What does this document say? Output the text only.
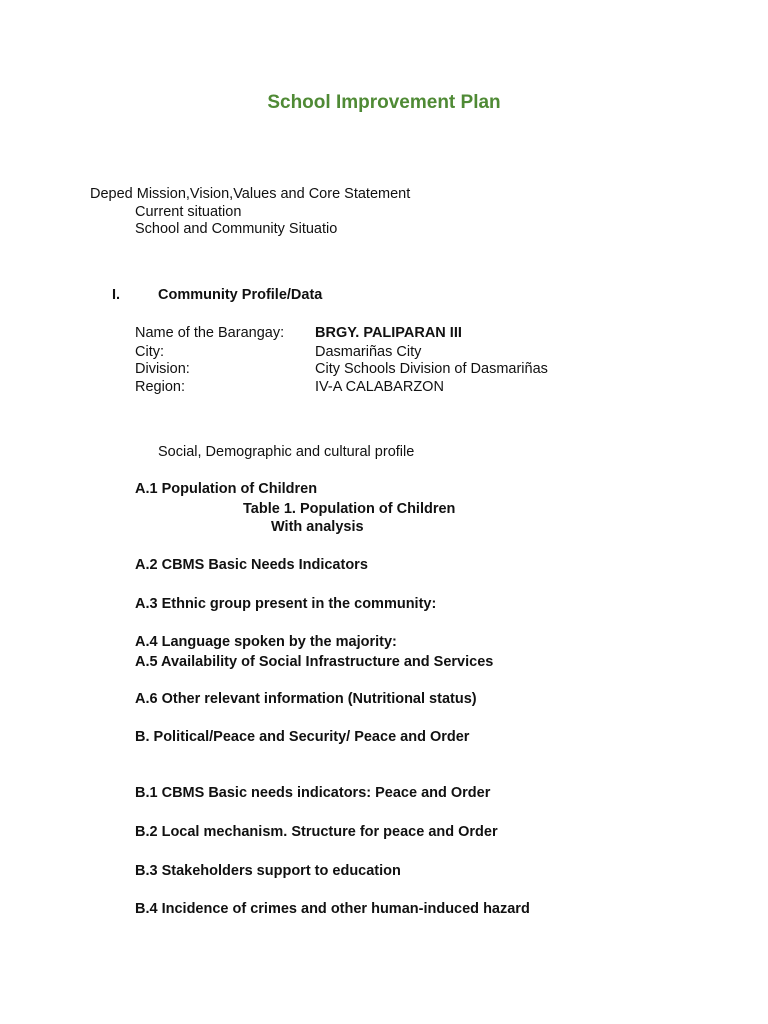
School Improvement Plan
Deped Mission,Vision,Values and Core Statement
Current situation
School and Community Situatio
I.	Community Profile/Data
Name of the Barangay: BRGY. PALIPARAN III
City:	Dasmariñas City
Division:	City Schools Division of Dasmariñas
Region:	IV-A CALABARZON
Social, Demographic and cultural profile
A.1 Population of Children
Table 1. Population of Children
With analysis
A.2 CBMS Basic Needs Indicators
A.3 Ethnic group present in the community:
A.4 Language spoken by the majority:
A.5 Availability of Social Infrastructure and Services
A.6 Other relevant information (Nutritional status)
B. Political/Peace and Security/ Peace and Order
B.1 CBMS Basic needs indicators: Peace and Order
B.2 Local mechanism. Structure for peace and Order
B.3 Stakeholders support to education
B.4 Incidence of crimes and other human-induced hazard
